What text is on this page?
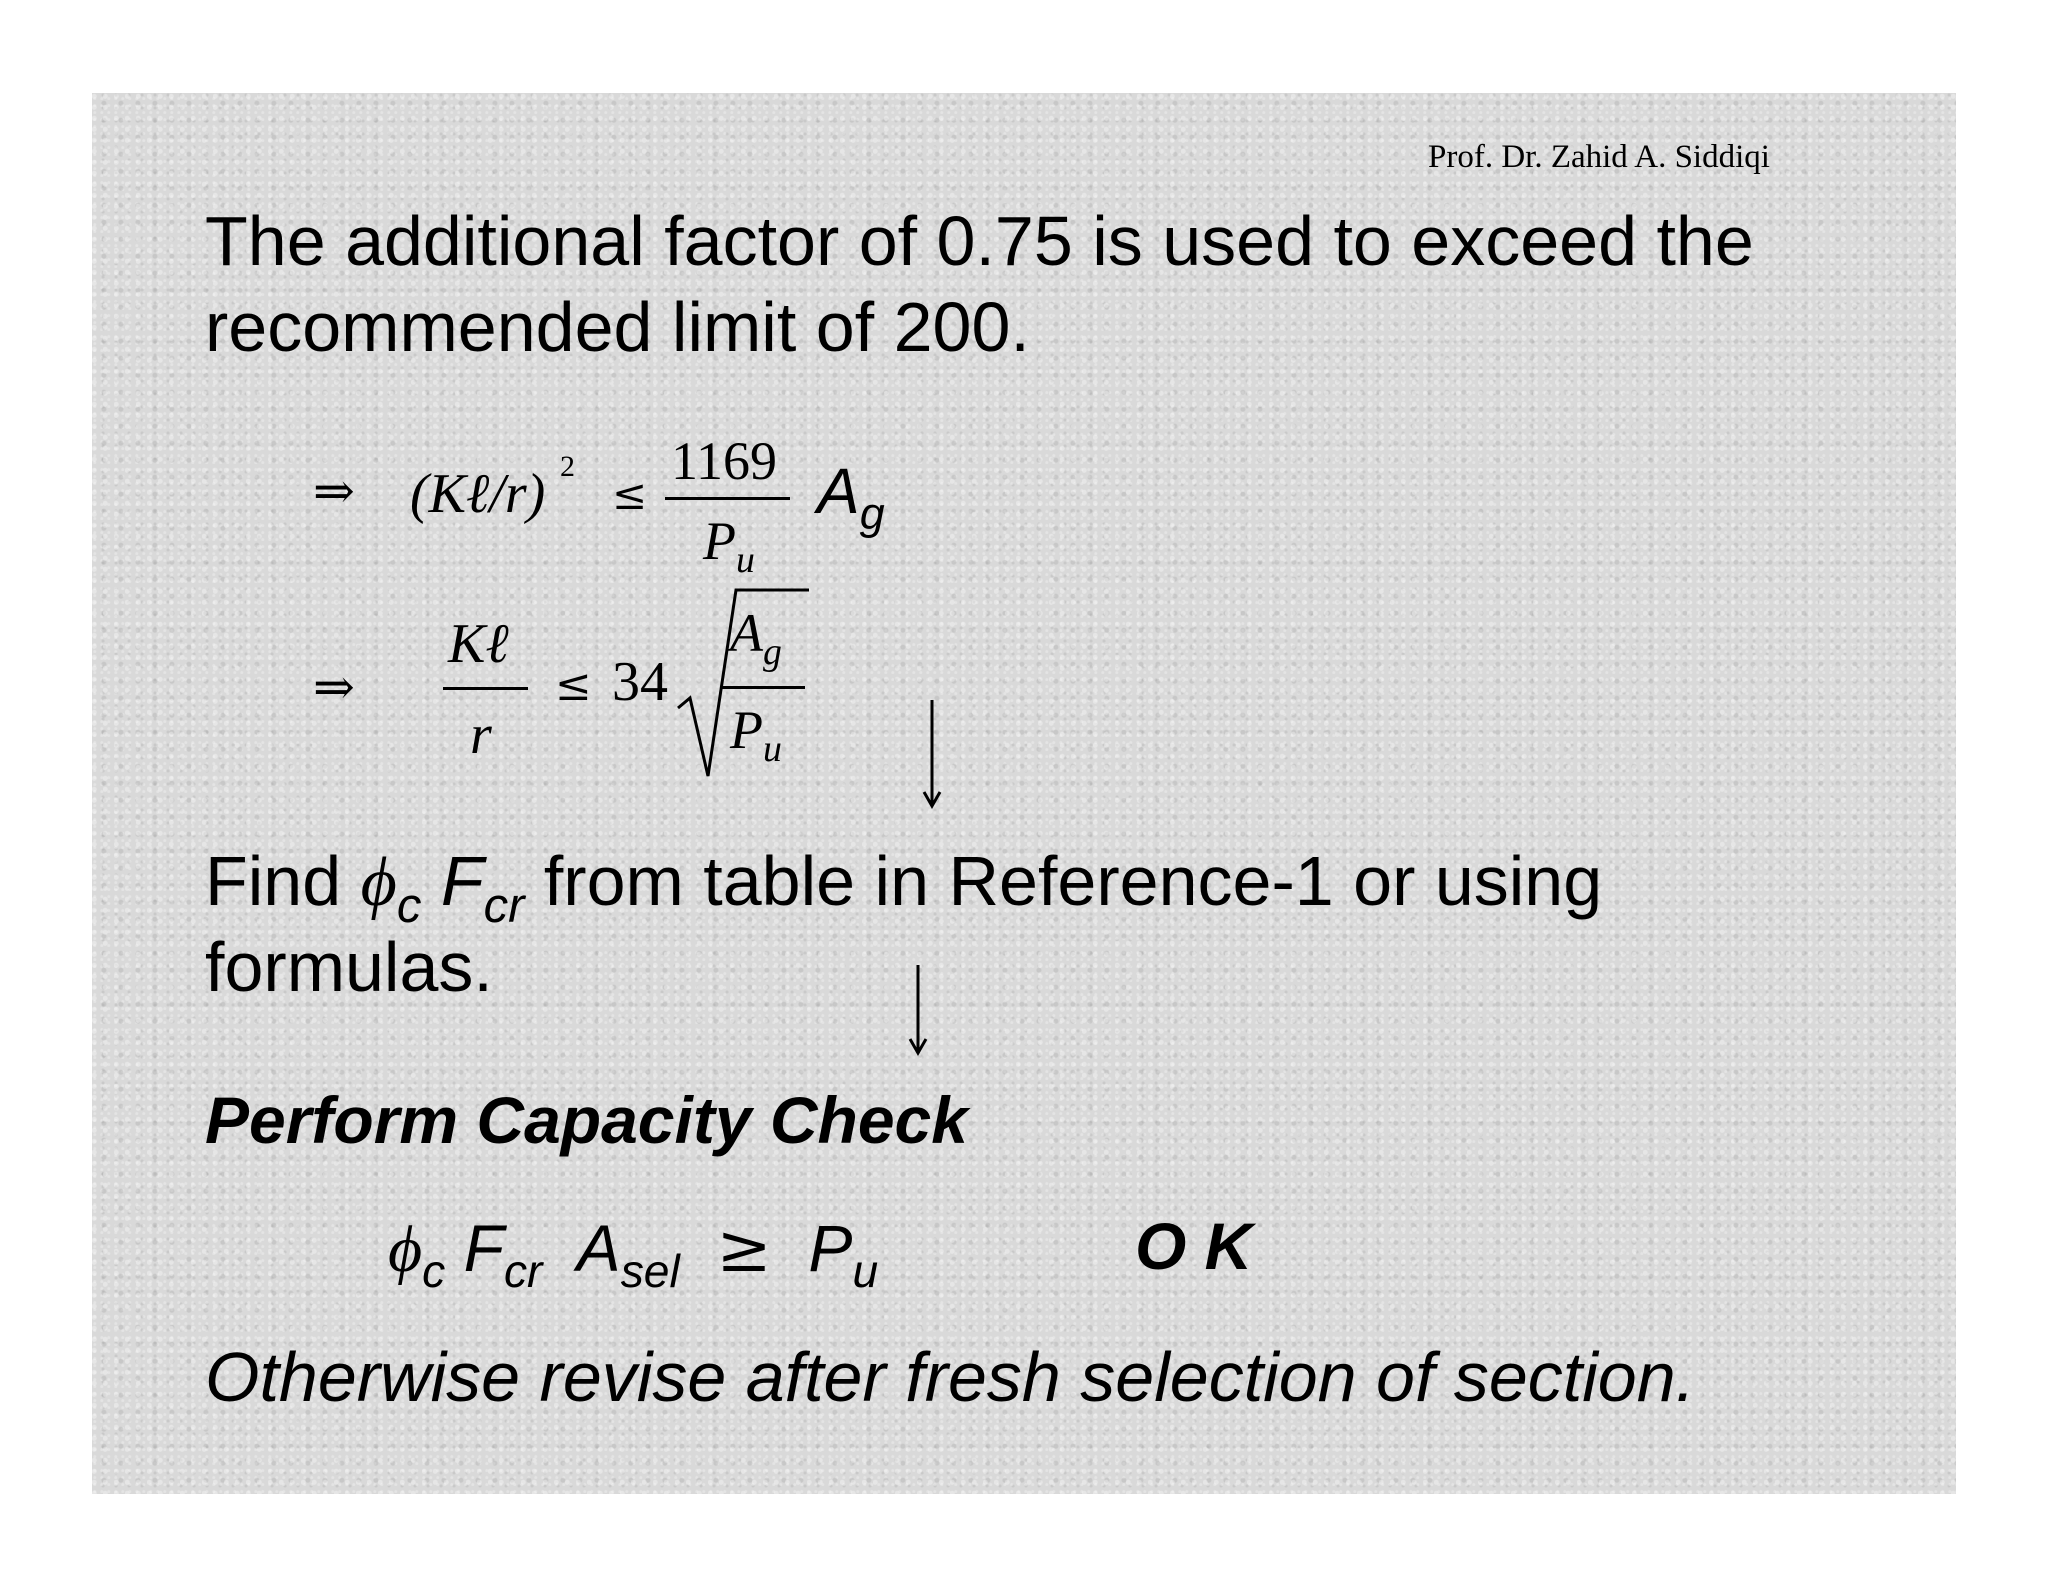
Prof. Dr. Zahid A. Siddiqi
The additional factor of 0.75 is used to exceed the
recommended limit of 200.
⇒ (Kℓ/r) 2
≤
1169
$P_u$
$A_g$
⇒
Kℓ
r
≤ 34
$A_g$
$P_u$
Find $\phi_c$ $F_{cr}$ from table in Reference-1 or using
formulas.
Perform Capacity Check
$\phi_c$ $F_{cr}$ $A_{sel} \ge P_u$	O K
Otherwise revise after fresh selection of section.
